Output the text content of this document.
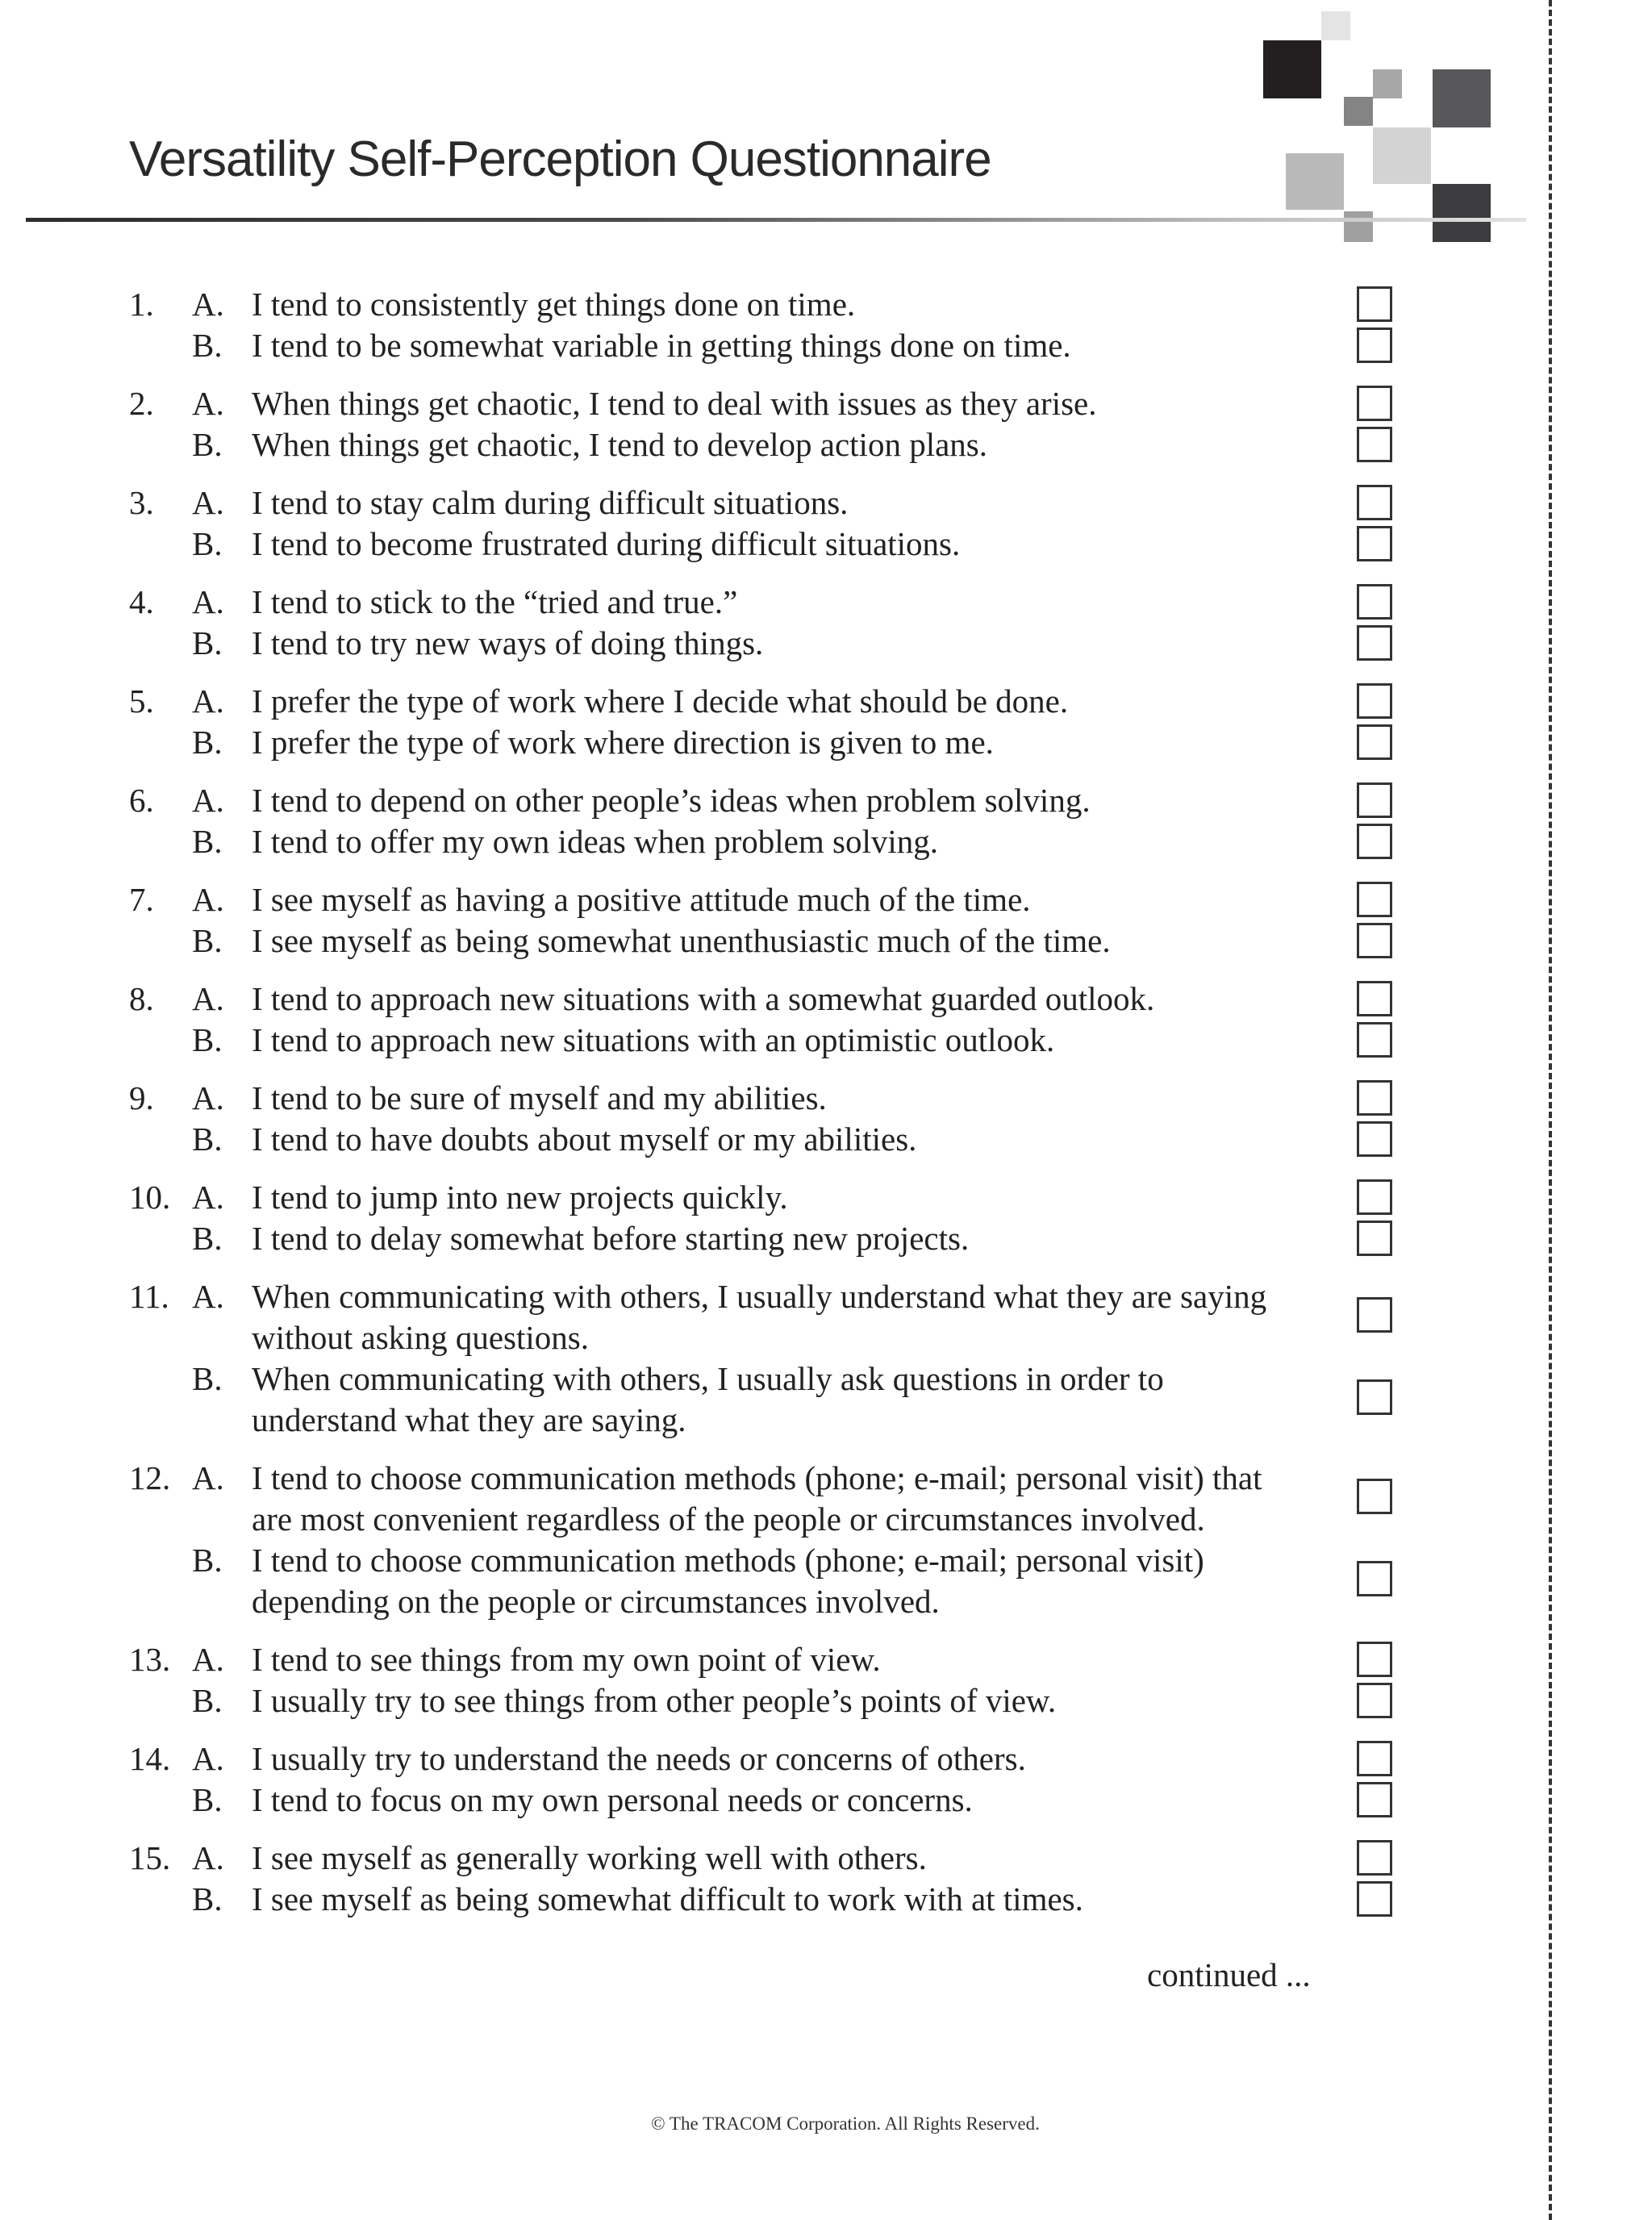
Versatility Self-Perception Questionnaire
1. A. I tend to consistently get things done on time.
B. I tend to be somewhat variable in getting things done on time.
2. A. When things get chaotic, I tend to deal with issues as they arise.
B. When things get chaotic, I tend to develop action plans.
3. A. I tend to stay calm during difficult situations.
B. I tend to become frustrated during difficult situations.
4. A. I tend to stick to the “tried and true.”
B. I tend to try new ways of doing things.
5. A. I prefer the type of work where I decide what should be done.
B. I prefer the type of work where direction is given to me.
6. A. I tend to depend on other people’s ideas when problem solving.
B. I tend to offer my own ideas when problem solving.
7. A. I see myself as having a positive attitude much of the time.
B. I see myself as being somewhat unenthusiastic much of the time.
8. A. I tend to approach new situations with a somewhat guarded outlook.
B. I tend to approach new situations with an optimistic outlook.
9. A. I tend to be sure of myself and my abilities.
B. I tend to have doubts about myself or my abilities.
10. A. I tend to jump into new projects quickly.
B. I tend to delay somewhat before starting new projects.
11. A. When communicating with others, I usually understand what they are saying without asking questions.
B. When communicating with others, I usually ask questions in order to understand what they are saying.
12. A. I tend to choose communication methods (phone; e-mail; personal visit) that are most convenient regardless of the people or circumstances involved.
B. I tend to choose communication methods (phone; e-mail; personal visit) depending on the people or circumstances involved.
13. A. I tend to see things from my own point of view.
B. I usually try to see things from other people’s points of view.
14. A. I usually try to understand the needs or concerns of others.
B. I tend to focus on my own personal needs or concerns.
15. A. I see myself as generally working well with others.
B. I see myself as being somewhat difficult to work with at times.
continued ...
© The TRACOM Corporation. All Rights Reserved.
